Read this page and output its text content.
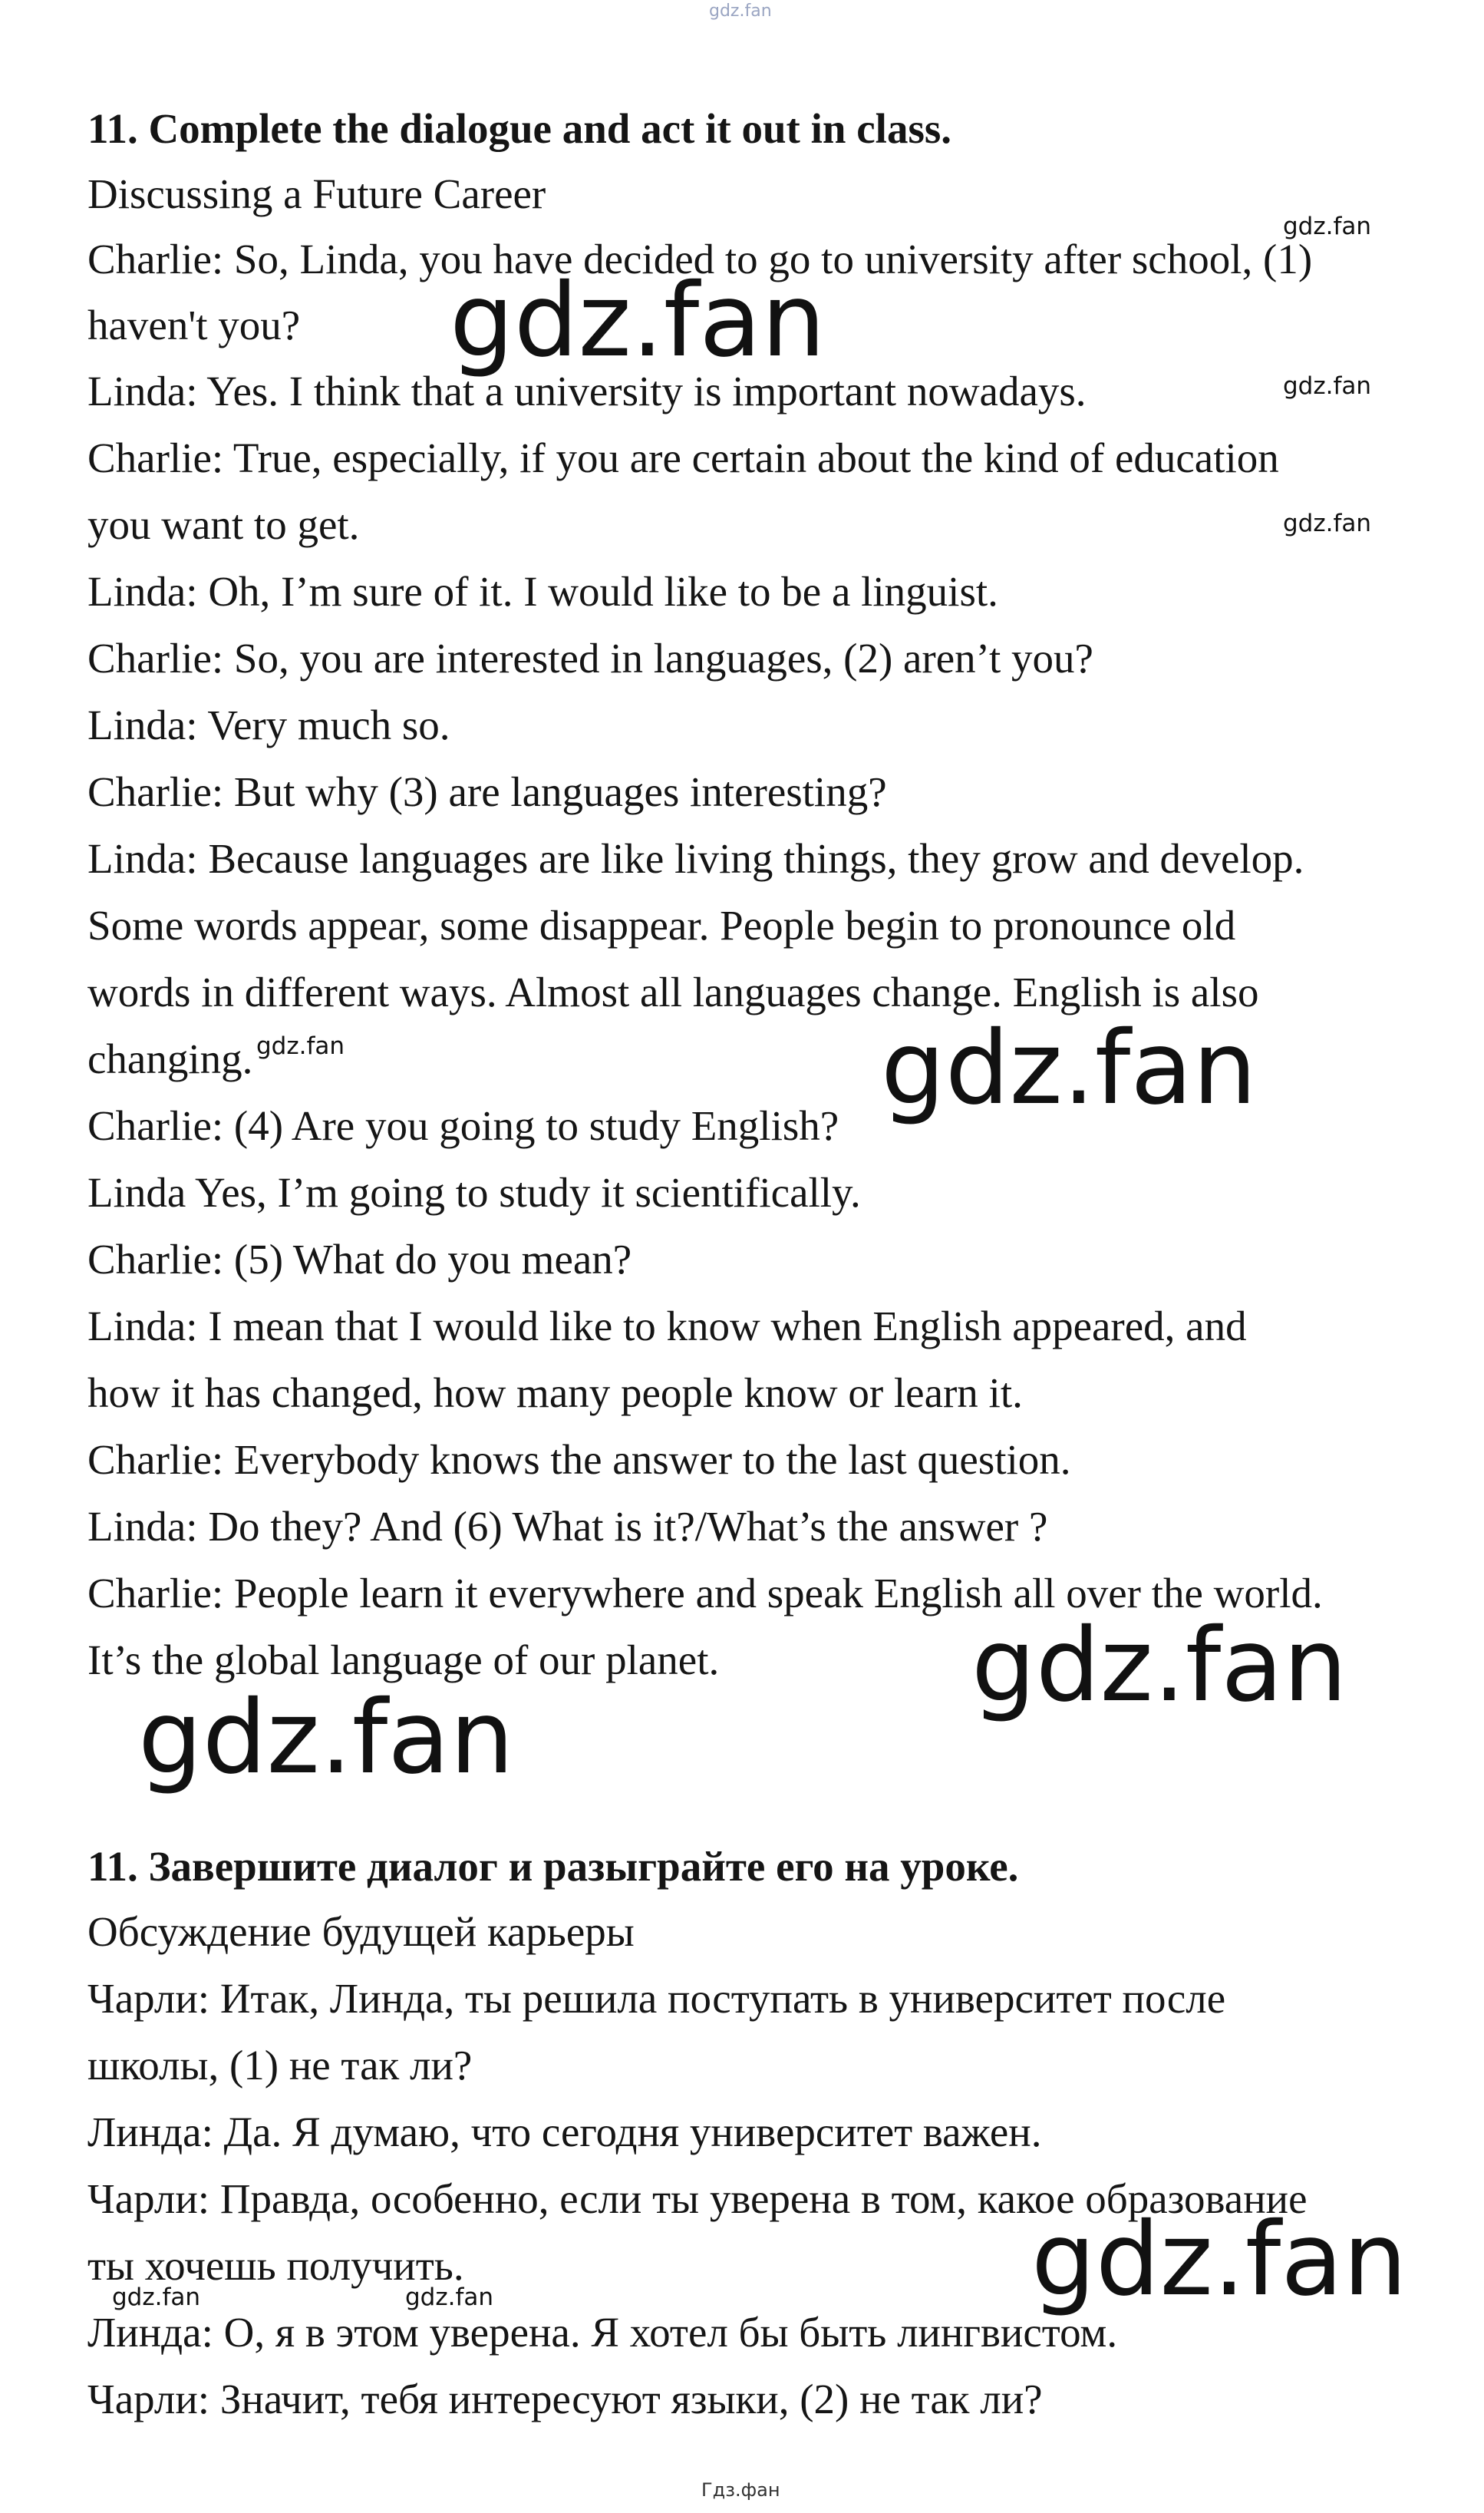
gdz.fan
11. Complete the dialogue and act it out in class.
Discussing a Future Career
Charlie: So, Linda, you have decided to go to university after school, (1)
haven't you?
Linda: Yes. I think that a university is important nowadays.
Charlie: True, especially, if you are certain about the kind of education
you want to get.
Linda: Oh, I’m sure of it. I would like to be a linguist.
Charlie: So, you are interested in languages, (2) aren’t you?
Linda: Very much so.
Charlie: But why (3) are languages interesting?
Linda: Because languages are like living things, they grow and develop.
Some words appear, some disappear. People begin to pronounce old
words in different ways. Almost all languages change. English is also
changing.
Charlie: (4) Are you going to study English?
Linda Yes, I’m going to study it scientifically.
Charlie: (5) What do you mean?
Linda: I mean that I would like to know when English appeared, and
how it has changed, how many people know or learn it.
Charlie: Everybody knows the answer to the last question.
Linda: Do they? And (6) What is it?/What’s the answer ?
Charlie: People learn it everywhere and speak English all over the world.
It’s the global language of our planet.
11. Завершите диалог и разыграйте его на уроке.
Обсуждение будущей карьеры
Чарли: Итак, Линда, ты решила поступать в университет после
школы, (1) не так ли?
Линда: Да. Я думаю, что сегодня университет важен.
Чарли: Правда, особенно, если ты уверена в том, какое образование
ты хочешь получить.
Линда: О, я в этом уверена. Я хотел бы быть лингвистом.
Чарли: Значит, тебя интересуют языки, (2) не так ли?
gdz.fan
gdz.fan
gdz.fan
gdz.fan
gdz.fan	gdz.fan
gdz.fan
gdz.fan
gdz.fan
gdz.fan	gdz.fan
Гдз.фан
